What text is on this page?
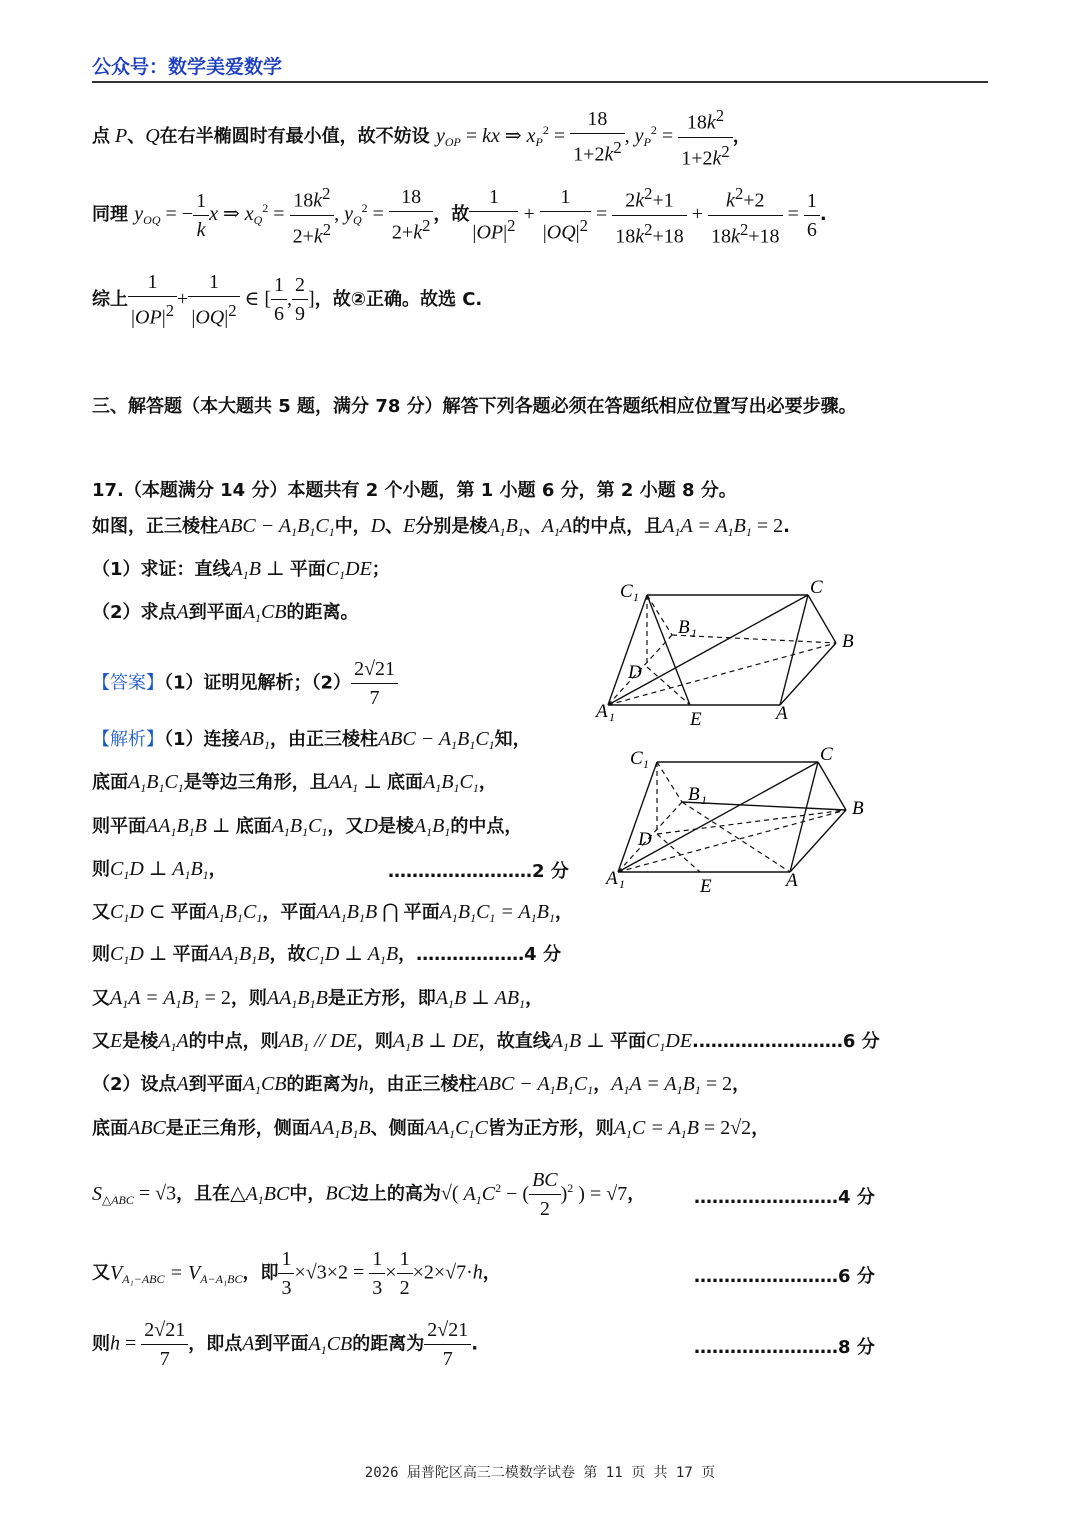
公众号：数学美爱数学
点 P、Q在右半椭圆时有最小值，故不妨设 $y_{OP}$ = kx ⇒ $x_P^2 = \frac{18}{1+2k^2}$ , $y_P^2 = \frac{18k^2}{1+2k^2}$ ，
同理 $y_{OQ}$ = − $\frac{1}{k}$ x ⇒ $x_Q^2 = \frac{18k^2}{2+k^2}$ , $y_Q^2 = \frac{18}{2+k^2}$ ，故 $\frac{1}{|OP|^2} + \frac{1}{|OQ|^2} = \frac{2k^2+1}{18k^2+18} + \frac{k^2+2}{18k^2+18} = \frac{1}{6}$ .
综上 $\frac{1}{|OP|^2} + \frac{1}{|OQ|^2}$ ∈ [ $\frac{1}{6}$ , $\frac{2}{9}$ ]，故②正确。故选 C.
三、解答题（本大题共 5 题，满分 78 分）解答下列各题必须在答题纸相应位置写出必要步骤。
17.（本题满分 14 分）本题共有 2 个小题，第 1 小题 6 分，第 2 小题 8 分。
如图，正三棱柱ABC − $A_1B_1C_1$中，D、E分别是棱$A_1B_1$、$A_1A$的中点，且$A_1A = A_1B_1 = 2$.
（1）求证：直线$A_1B$ ⊥ 平面$C_1DE$；
（2）求点A到平面$A_1CB$的距离。
【答案】（1）证明见解析；$(2) \frac{2√21}{7}$
【解析】（1）连接$AB_1$，由正三棱柱ABC − $A_1B_1C_1$知，
底面$A_1B_1C_1$是等边三角形，且$AA_1$ ⊥ 底面$A_1B_1C_1$，
则平面$AA_1B_1B$ ⊥ 底面$A_1B_1C_1$，又D是棱$A_1B_1$的中点，
则$C_1D$ ⊥ $A_1B_1$，	……………………2 分
又$C_1D$ ⊂ 平面$A_1B_1C_1$，平面$AA_1B_1B$ ⋂ 平面$A_1B_1C_1 = A_1B_1$，
则$C_1D$ ⊥ 平面$AA_1B_1B$，故$C_1D$ ⊥ $A_1B$，………………4 分
又$A_1A = A_1B_1 = 2$，则$AA_1B_1B$是正方形，即$A_1B$ ⊥ $AB_1$，
又E是棱$A_1A$的中点，则$AB_1$ // DE，则$A_1B$ ⊥ DE，故直线$A_1B$ ⊥ 平面$C_1DE.\dots\dots\dots\dots\dots\dots\dots\dots 6$ 分
（2）设点A到平面$A_1CB$的距离为h，由正三棱柱ABC − $A_1B_1C_1$，$A_1A = A_1B_1 = 2$，
底面ABC是正三角形，侧面$AA_1B_1B$、侧面$AA_1C_1C$皆为正方形，则$A_1C = A_1B = 2√2$，
$S_{\triangle ABC} = √3$，且在$\triangle A_1BC$中，BC边上的高为√( $A_1C^2$ − ( $\frac{BC}{2} )^2$ ) = √7，	……………………4 分
又$V_{A_1-ABC} = V_{A-A_1BC}$，即 $\frac{1}{3} \times√3\times 2 = \frac{1}{3} \times \frac{1}{2} \times 2\times√7\cdot h$，	……………………6 分
则$h = \frac{2√21}{7}$ ，即点A到平面$A_1CB$的距离为 $\frac{2√21}{7}$ .	……………………8 分
C 1	C
B 1	B
D
A 1	E	A
C 1	C
B 1	B
D
A 1	E	A
2026 届普陀区高三二模数学试卷 第 11 页 共 17 页
